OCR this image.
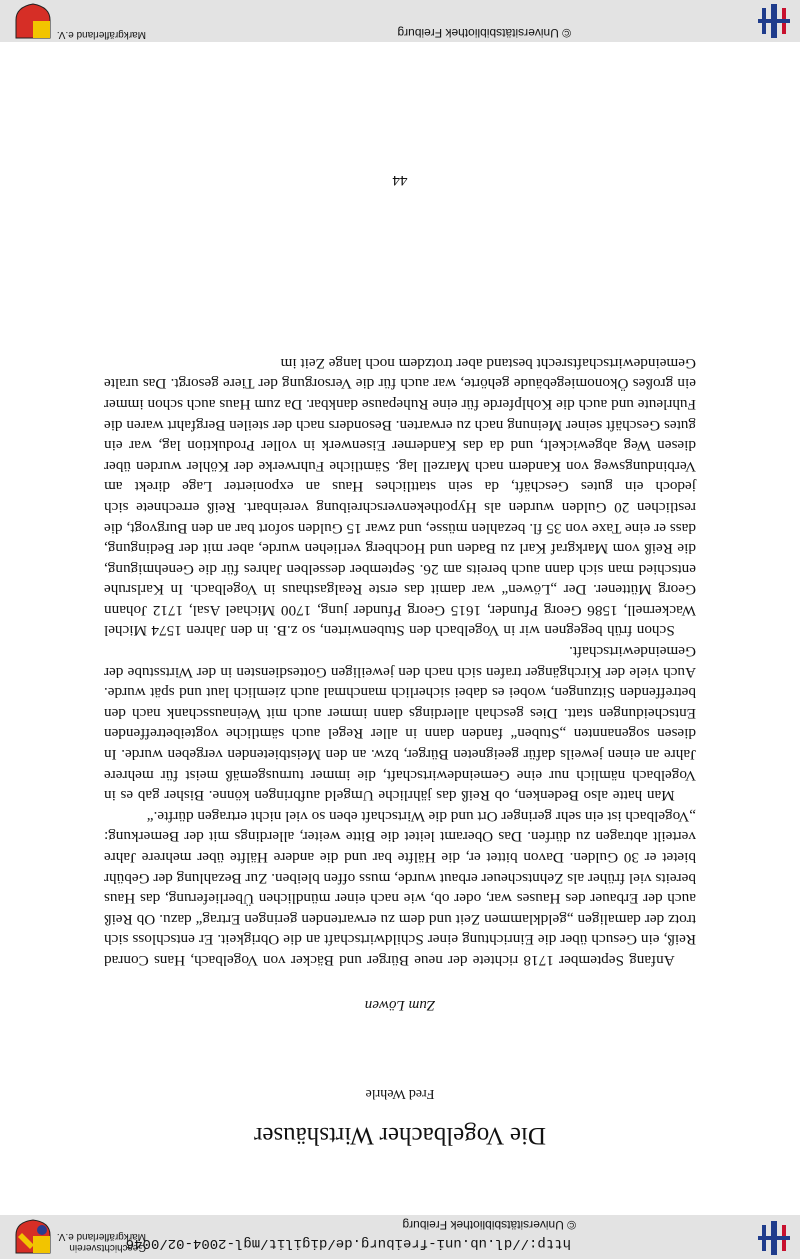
http://dl.ub.uni-freiburg.de/digilit/mgl-2004-02/0046
© Universitätsbibliothek Freiburg
Geschichtsverein
Markgräflerland e.V.
Die Vogelbacher Wirtshäuser
Fred Wehrle
Zum Löwen

Anfang September 1718 richtete der neue Bürger und Bäcker von Vogelbach, Hans Conrad Reiß, ein Gesuch über die Einrichtung einer Schildwirtschaft an die Obrigkeit. Er entschloss sich trotz der damaligen „geldklammen Zeit und dem zu erwartenden geringen Ertrag“ dazu. Ob Reiß auch der Erbauer des Hauses war, oder ob, wie nach einer mündlichen Überlieferung, das Haus bereits viel früher als Zehntscheuer erbaut wurde, muss offen bleiben. Zur Bezahlung der Gebühr bietet er 30 Gulden. Davon bittet er, die Hälfte bar und die andere Hälfte über mehrere Jahre verteilt abtragen zu dürfen. Das Oberamt leitet die Bitte weiter, allerdings mit der Bemerkung: „Vogelbach ist ein sehr geringer Ort und die Wirtschaft eben so viel nicht ertragen dürfte.“

Man hatte also Bedenken, ob Reiß das jährliche Umgeld aufbringen könne. Bisher gab es in Vogelbach nämlich nur eine Gemeindewirtschaft, die immer turnusgemäß meist für mehrere Jahre an einen jeweils dafür geeigneten Bürger, bzw. an den Meistbietenden vergeben wurde. In diesen sogenannten „Stuben“ fanden dann in aller Regel auch sämtliche vogteibetreffenden Entscheidungen statt. Dies geschah allerdings dann immer auch mit Weinausschank nach den betreffenden Sitzungen, wobei es dabei sicherlich manchmal auch ziemlich laut und spät wurde. Auch viele der Kirchgänger trafen sich nach den jeweiligen Gottesdiensten in der Wirtsstube der Gemeindewirtschaft.

Schon früh begegnen wir in Vogelbach den Stubenwirten, so z.B. in den Jahren 1574 Michel Wackernell, 1586 Georg Pfunder, 1615 Georg Pfunder jung, 1700 Michael Asal, 1712 Johann Georg Müttener. Der „Löwen“ war damit das erste Realgasthaus in Vogelbach. In Karlsruhe entschied man sich dann auch bereits am 26. September desselben Jahres für die Genehmigung, die Reiß vom Markgraf Karl zu Baden und Hochberg verliehen wurde, aber mit der Bedingung, dass er eine Taxe von 35 fl. bezahlen müsse, und zwar 15 Gulden sofort bar an den Burgvogt, die restlichen 20 Gulden wurden als Hypothekenverschreibung vereinbart. Reiß errechnete sich jedoch ein gutes Geschäft, da sein stattliches Haus an exponierter Lage direkt am Verbindungsweg von Kandern nach Marzell lag. Sämtliche Fuhrwerke der Köhler wurden über diesen Weg abgewickelt, und da das Kanderner Eisenwerk in voller Produktion lag, war ein gutes Geschäft seiner Meinung nach zu erwarten. Besonders nach der steilen Bergfahrt waren die Fuhrleute und auch die Kohlpferde für eine Ruhepause dankbar. Da zum Haus auch schon immer ein großes Ökonomiegebäude gehörte, war auch für die Versorgung der Tiere gesorgt. Das uralte Gemeindewirtschaftsrecht bestand aber trotzdem noch lange Zeit im

44
© Universitätsbibliothek Freiburg
Markgräflerland e.V.
